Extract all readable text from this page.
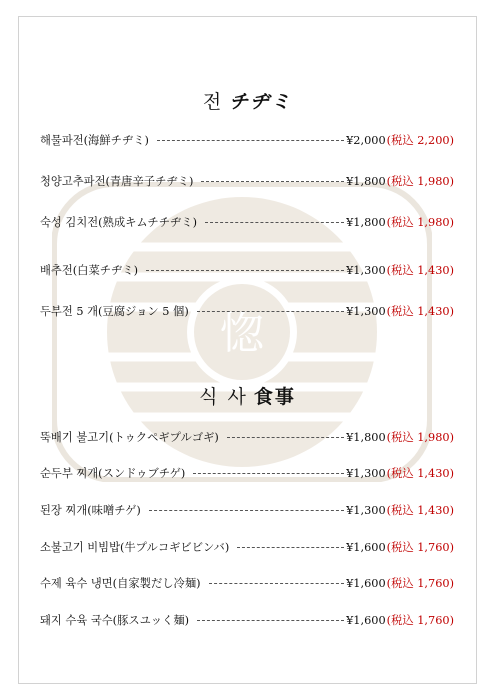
惚
전 チヂミ
해물파전(海鮮チヂミ)	¥2,000 (税込 2,200)
청양고추파전(青唐辛子チヂミ)	¥1,800 (税込 1,980)
숙성 김치전(熟成キムチチヂミ)	¥1,800 (税込 1,980)
배추전(白菜チヂミ)	¥1,300 (税込 1,430)
두부전 5 개(豆腐ジョン 5 個)	¥1,300 (税込 1,430)
식 사 食事
뚝배기 불고기(トゥクペギプルゴギ)	¥1,800 (税込 1,980)
순두부 찌개(スンドゥブチゲ)	¥1,300 (税込 1,430)
된장 찌개(味噌チゲ)	¥1,300 (税込 1,430)
소불고기 비빔밥(牛プルコギビビンバ)	¥1,600 (税込 1,760)
수제 육수 냉면(自家製だし冷麺)	¥1,600 (税込 1,760)
돼지 수육 국수(豚スユッく麺)	¥1,600 (税込 1,760)
